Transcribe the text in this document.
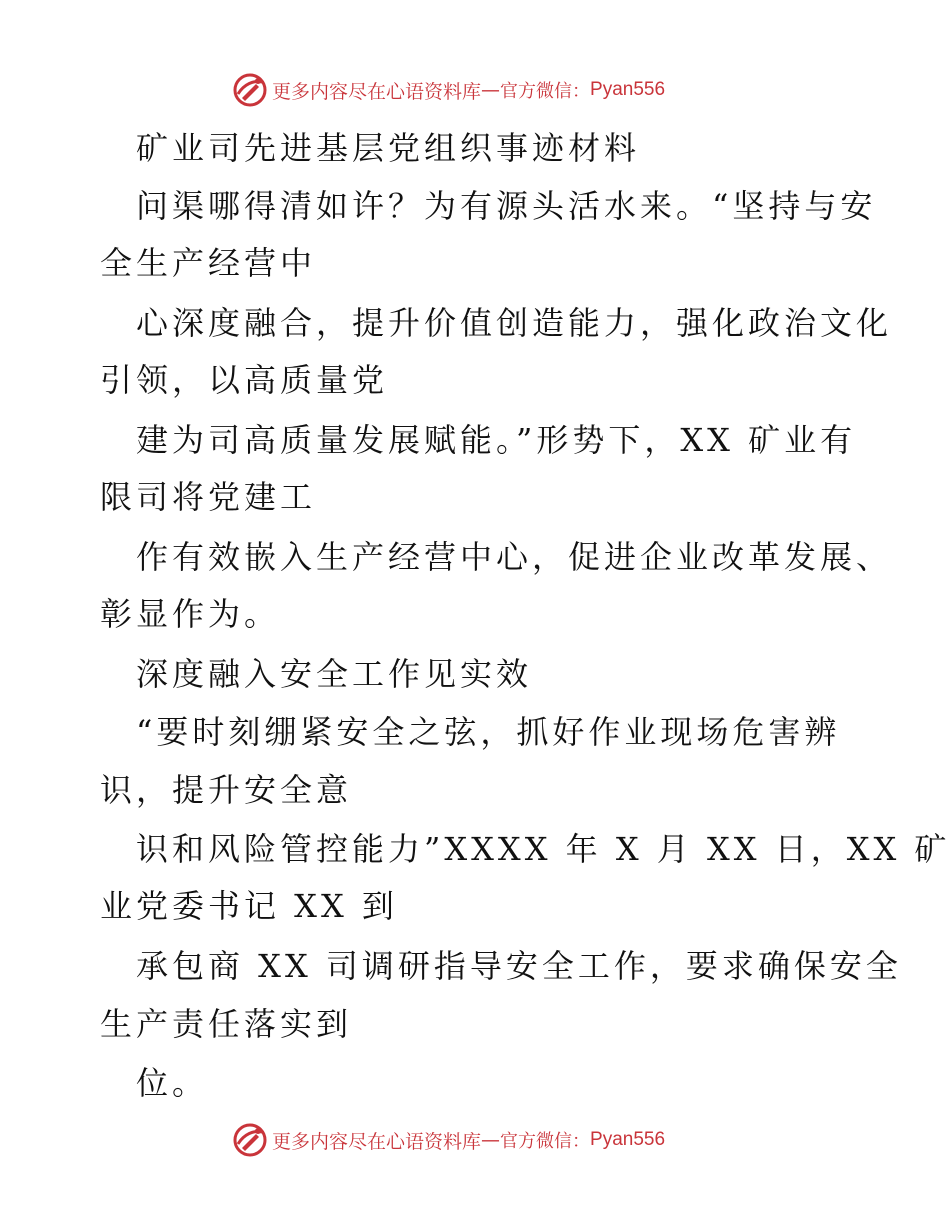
更多内容尽在心语资料库 — 官方微信： Pyan556
矿业司先进基层党组织事迹材料
问渠哪得清如许？为有源头活水来。“坚持与安
全生产经营中
心深度融合，提升价值创造能力，强化政治文化
引领，以高质量党
建为司高质量发展赋能。”形势下，XX 矿业有
限司将党建工
作有效嵌入生产经营中心，促进企业改革发展、
彰显作为。
深度融入安全工作见实效
“要时刻绷紧安全之弦，抓好作业现场危害辨
识，提升安全意
识和风险管控能力”XXXX 年 X 月 XX 日，XX 矿
业党委书记 XX 到
承包商 XX 司调研指导安全工作，要求确保安全
生产责任落实到
位。
更多内容尽在心语资料库 — 官方微信： Pyan556
